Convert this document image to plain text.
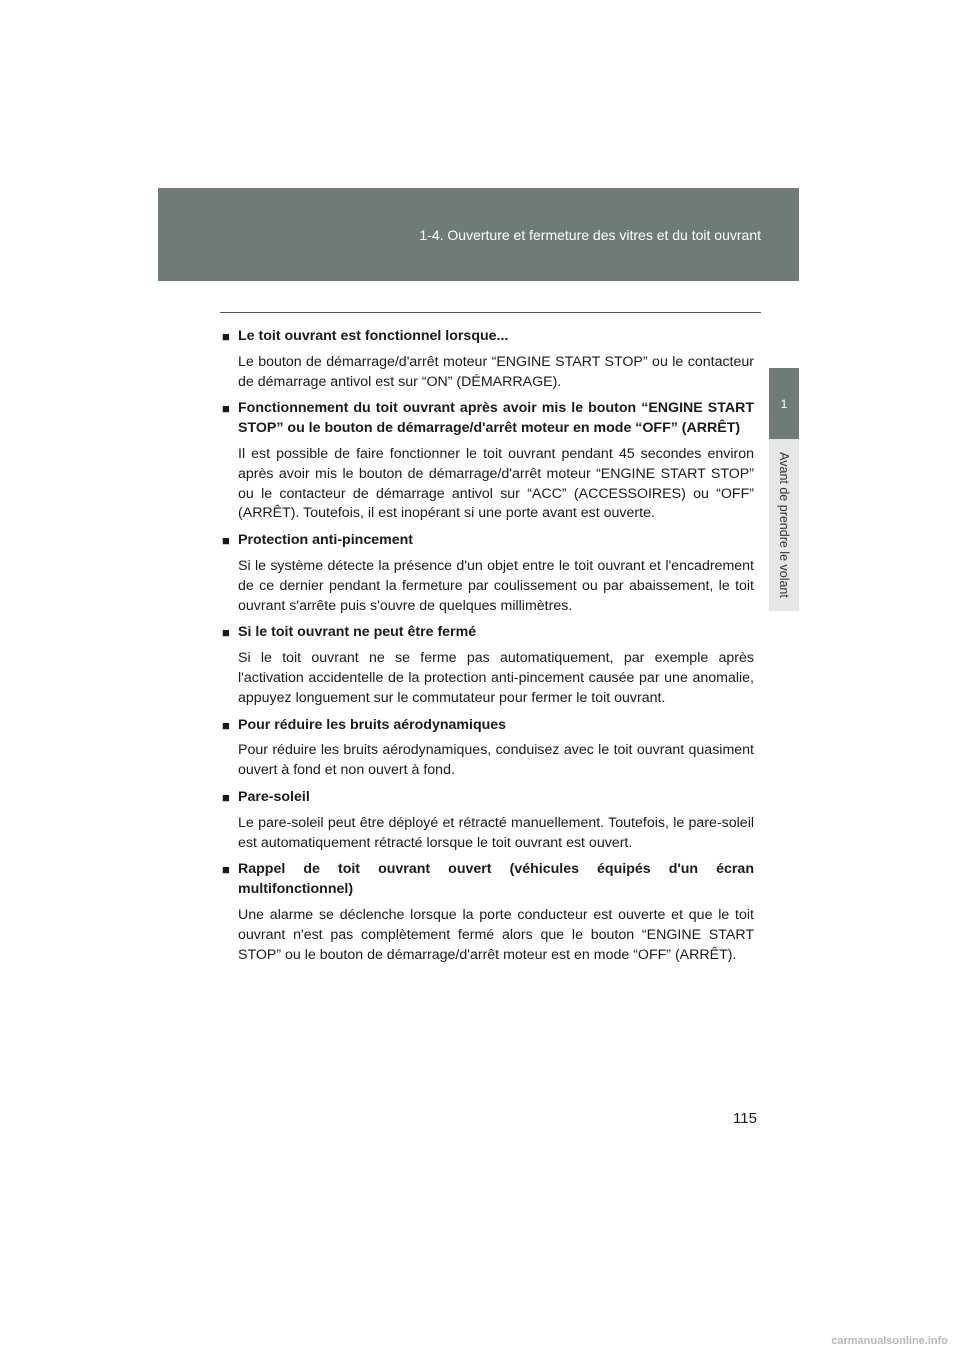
1-4. Ouverture et fermeture des vitres et du toit ouvrant
1
Avant de prendre le volant
■ Le toit ouvrant est fonctionnel lorsque...
Le bouton de démarrage/d'arrêt moteur “ENGINE START STOP” ou le contacteur de démarrage antivol est sur “ON” (DÉMARRAGE).
■ Fonctionnement du toit ouvrant après avoir mis le bouton “ENGINE START STOP” ou le bouton de démarrage/d'arrêt moteur en mode “OFF” (ARRÊT)
Il est possible de faire fonctionner le toit ouvrant pendant 45 secondes environ après avoir mis le bouton de démarrage/d'arrêt moteur “ENGINE START STOP” ou le contacteur de démarrage antivol sur “ACC” (ACCESSOIRES) ou “OFF” (ARRÊT). Toutefois, il est inopérant si une porte avant est ouverte.
■ Protection anti-pincement
Si le système détecte la présence d'un objet entre le toit ouvrant et l'encadrement de ce dernier pendant la fermeture par coulissement ou par abaissement, le toit ouvrant s'arrête puis s'ouvre de quelques millimètres.
■ Si le toit ouvrant ne peut être fermé
Si le toit ouvrant ne se ferme pas automatiquement, par exemple après l'activation accidentelle de la protection anti-pincement causée par une anomalie, appuyez longuement sur le commutateur pour fermer le toit ouvrant.
■ Pour réduire les bruits aérodynamiques
Pour réduire les bruits aérodynamiques, conduisez avec le toit ouvrant quasiment ouvert à fond et non ouvert à fond.
■ Pare-soleil
Le pare-soleil peut être déployé et rétracté manuellement. Toutefois, le pare-soleil est automatiquement rétracté lorsque le toit ouvrant est ouvert.
■ Rappel de toit ouvrant ouvert (véhicules équipés d'un écran multifonctionnel)
Une alarme se déclenche lorsque la porte conducteur est ouverte et que le toit ouvrant n'est pas complètement fermé alors que le bouton “ENGINE START STOP” ou le bouton de démarrage/d'arrêt moteur est en mode “OFF” (ARRÊT).
115
carmanualsonline.info
